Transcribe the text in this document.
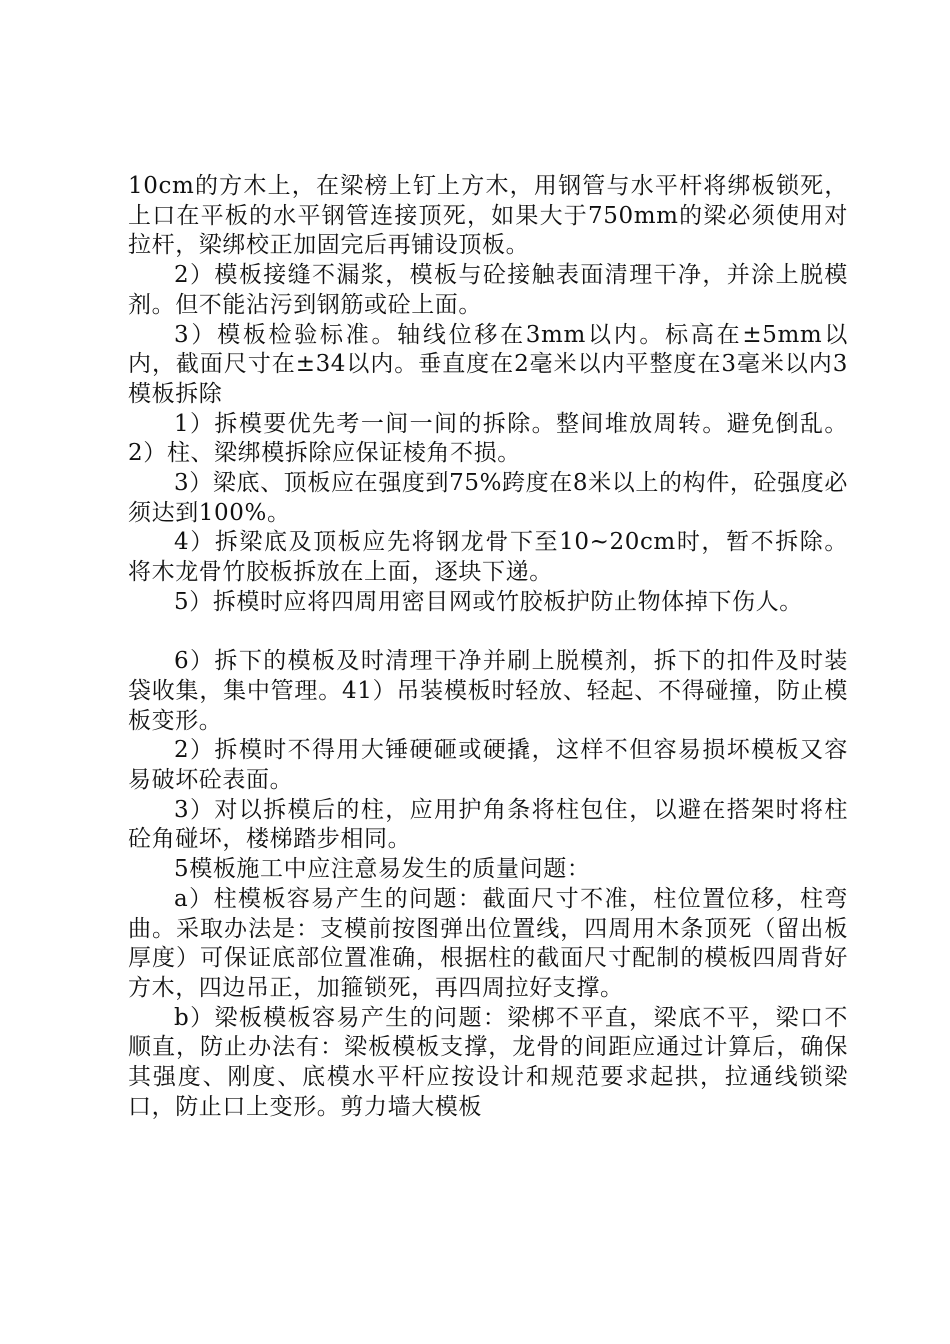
10cm的方木上，在梁榜上钉上方木，用钢管与水平杆将绑板锁死，上口在平板的水平钢管连接顶死，如果大于750mm的梁必须使用对拉杆，梁绑校正加固完后再铺设顶板。

2）模板接缝不漏浆，模板与砼接触表面清理干净，并涂上脱模剂。但不能沾污到钢筋或砼上面。

3）模板检验标准。轴线位移在3mm以内。标高在±5mm以内，截面尺寸在±34以内。垂直度在2毫米以内平整度在3毫米以内3模板拆除

1）拆模要优先考一间一间的拆除。整间堆放周转。避免倒乱。2）柱、梁绑模拆除应保证棱角不损。

3）梁底、顶板应在强度到75%跨度在8米以上的构件，砼强度必须达到100%。

4）拆梁底及顶板应先将钢龙骨下至10~20cm时，暂不拆除。将木龙骨竹胶板拆放在上面，逐块下递。

5）拆模时应将四周用密目网或竹胶板护防止物体掉下伤人。

6）拆下的模板及时清理干净并刷上脱模剂，拆下的扣件及时装袋收集，集中管理。41）吊装模板时轻放、轻起、不得碰撞，防止模板变形。

2）拆模时不得用大锤硬砸或硬撬，这样不但容易损坏模板又容易破坏砼表面。

3）对以拆模后的柱，应用护角条将柱包住，以避在搭架时将柱砼角碰坏，楼梯踏步相同。

5模板施工中应注意易发生的质量问题：

a）柱模板容易产生的问题：截面尺寸不准，柱位置位移，柱弯曲。采取办法是：支模前按图弹出位置线，四周用木条顶死（留出板厚度）可保证底部位置准确，根据柱的截面尺寸配制的模板四周背好方木，四边吊正，加箍锁死，再四周拉好支撑。

b）梁板模板容易产生的问题：梁梆不平直，梁底不平，梁口不顺直，防止办法有：梁板模板支撑，龙骨的间距应通过计算后，确保其强度、刚度、底模水平杆应按设计和规范要求起拱，拉通线锁梁口，防止口上变形。剪力墙大模板
